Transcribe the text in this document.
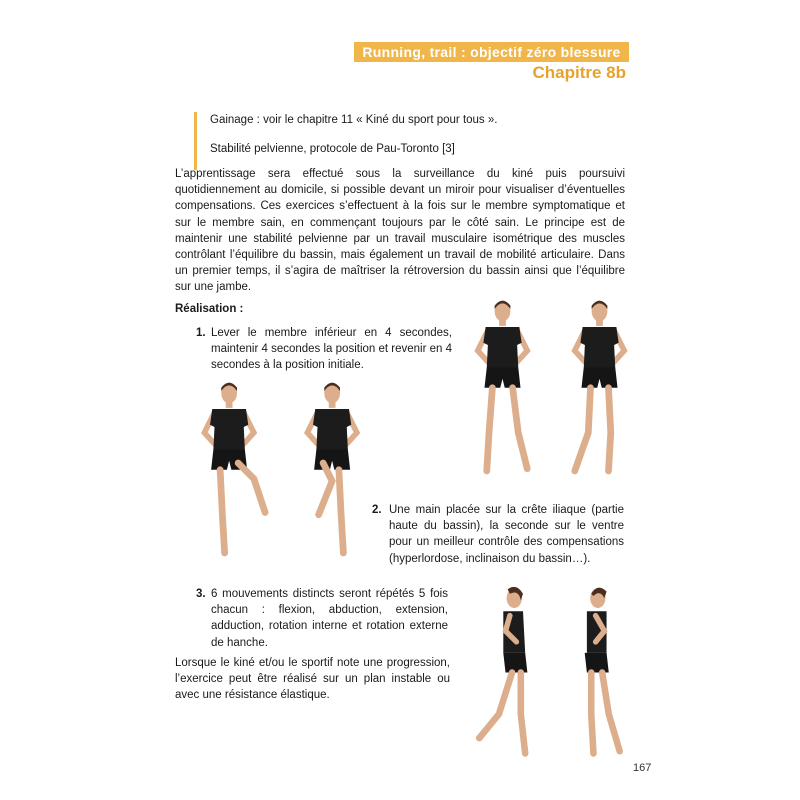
Running, trail : objectif zéro blessure
Chapitre 8b

Gainage : voir le chapitre 11 « Kiné du sport pour tous ».

Stabilité pelvienne, protocole de Pau-Toronto [3]

L’apprentissage sera effectué sous la surveillance du kiné puis poursuivi quotidiennement au domicile, si possible devant un miroir pour visualiser d’éventuelles compensations. Ces exercices s’effectuent à la fois sur le membre symptomatique et sur le membre sain, en commençant toujours par le côté sain. Le principe est de maintenir une stabilité pelvienne par un travail musculaire isométrique des muscles contrôlant l’équilibre du bassin, mais également un travail de mobilité articulaire. Dans un premier temps, il s’agira de maîtriser la rétroversion du bassin ainsi que l’équilibre sur une jambe.

Réalisation :
1. Lever le membre inférieur en 4 secondes, maintenir 4 secondes la position et revenir en 4 secondes à la position initiale.
2. Une main placée sur la crête iliaque (partie haute du bassin), la seconde sur le ventre pour un meilleur contrôle des compensations (hyperlordose, inclinaison du bassin…).
3. 6 mouvements distincts seront répétés 5 fois chacun : flexion, abduction, extension, adduction, rotation interne et rotation externe de hanche.

Lorsque le kiné et/ou le sportif note une progression, l’exercice peut être réalisé sur un plan instable ou avec une résistance élastique.

167
